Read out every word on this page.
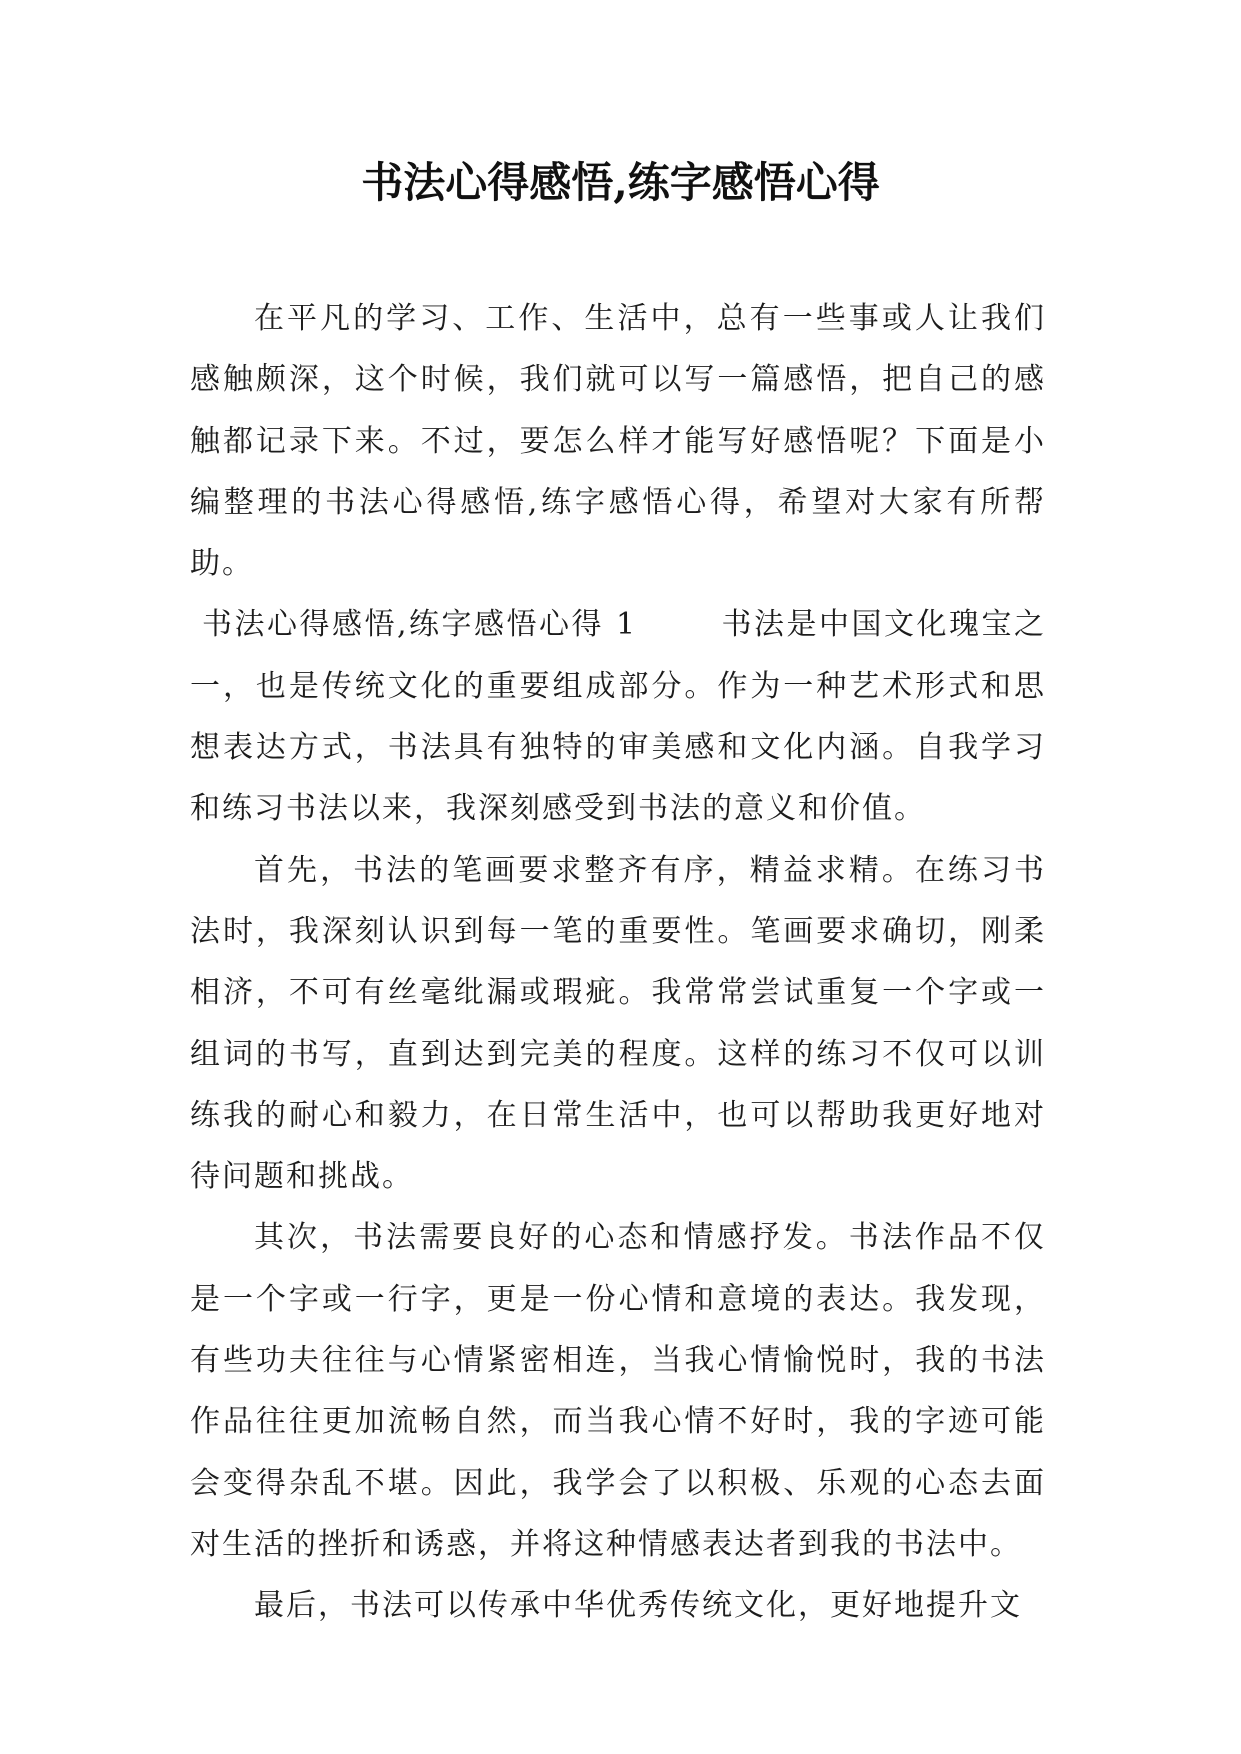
书法心得感悟,练字感悟心得

在平凡的学习、工作、生活中，总有一些事或人让我们感触颇深，这个时候，我们就可以写一篇感悟，把自己的感触都记录下来。不过，要怎么样才能写好感悟呢？下面是小编整理的书法心得感悟,练字感悟心得，希望对大家有所帮助。

书法心得感悟,练字感悟心得 1	书法是中国文化瑰宝之一，也是传统文化的重要组成部分。作为一种艺术形式和思想表达方式，书法具有独特的审美感和文化内涵。自我学习和练习书法以来，我深刻感受到书法的意义和价值。

首先，书法的笔画要求整齐有序，精益求精。在练习书法时，我深刻认识到每一笔的重要性。笔画要求确切，刚柔相济，不可有丝毫纰漏或瑕疵。我常常尝试重复一个字或一组词的书写，直到达到完美的程度。这样的练习不仅可以训练我的耐心和毅力，在日常生活中，也可以帮助我更好地对待问题和挑战。

其次，书法需要良好的心态和情感抒发。书法作品不仅是一个字或一行字，更是一份心情和意境的表达。我发现，有些功夫往往与心情紧密相连，当我心情愉悦时，我的书法作品往往更加流畅自然，而当我心情不好时，我的字迹可能会变得杂乱不堪。因此，我学会了以积极、乐观的心态去面对生活的挫折和诱惑，并将这种情感表达者到我的书法中。

最后，书法可以传承中华优秀传统文化，更好地提升文
